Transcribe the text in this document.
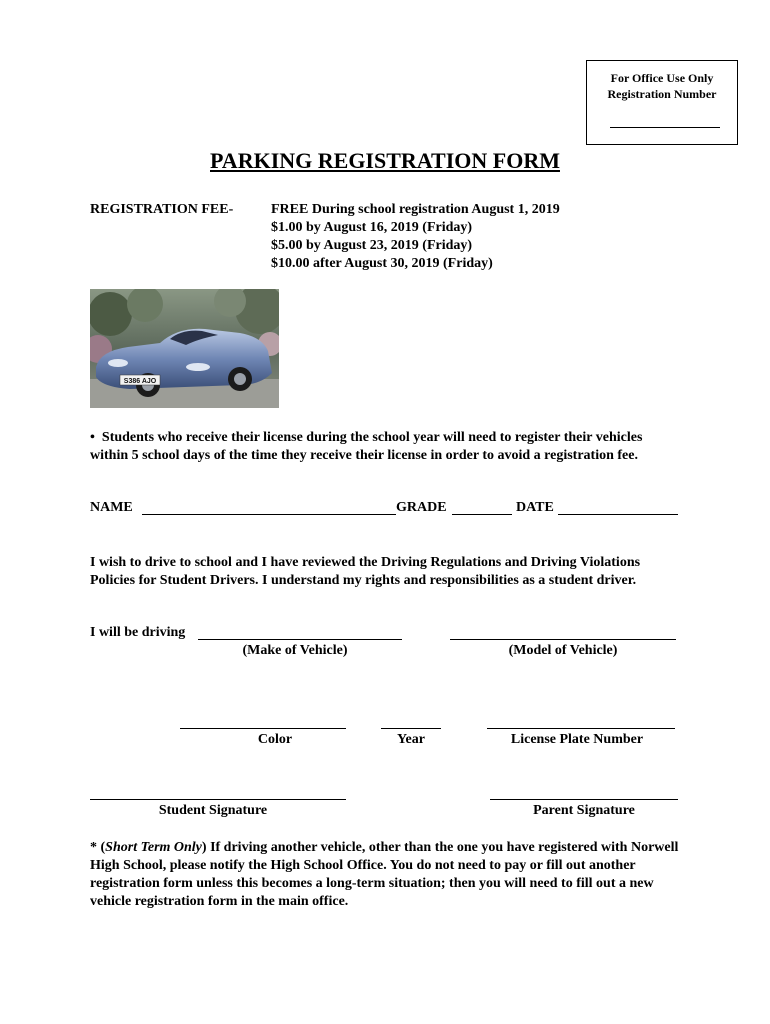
For Office Use Only
Registration Number
PARKING REGISTRATION FORM
REGISTRATION FEE-	FREE During school registration August 1, 2019
$1.00 by August 16, 2019 (Friday)
$5.00 by August 23, 2019 (Friday)
$10.00 after August 30, 2019 (Friday)
S386 AJO
• Students who receive their license during the school year will need to register their vehicles within 5 school days of the time they receive their license in order to avoid a registration fee.
NAME	GRADE	DATE
I wish to drive to school and I have reviewed the Driving Regulations and Driving Violations Policies for Student Drivers. I understand my rights and responsibilities as a student driver.
I will be driving
(Make of Vehicle)	(Model of Vehicle)
Color	Year	License Plate Number
Student Signature	Parent Signature
* (Short Term Only) If driving another vehicle, other than the one you have registered with Norwell High School, please notify the High School Office. You do not need to pay or fill out another registration form unless this becomes a long-term situation; then you will need to fill out a new vehicle registration form in the main office.
